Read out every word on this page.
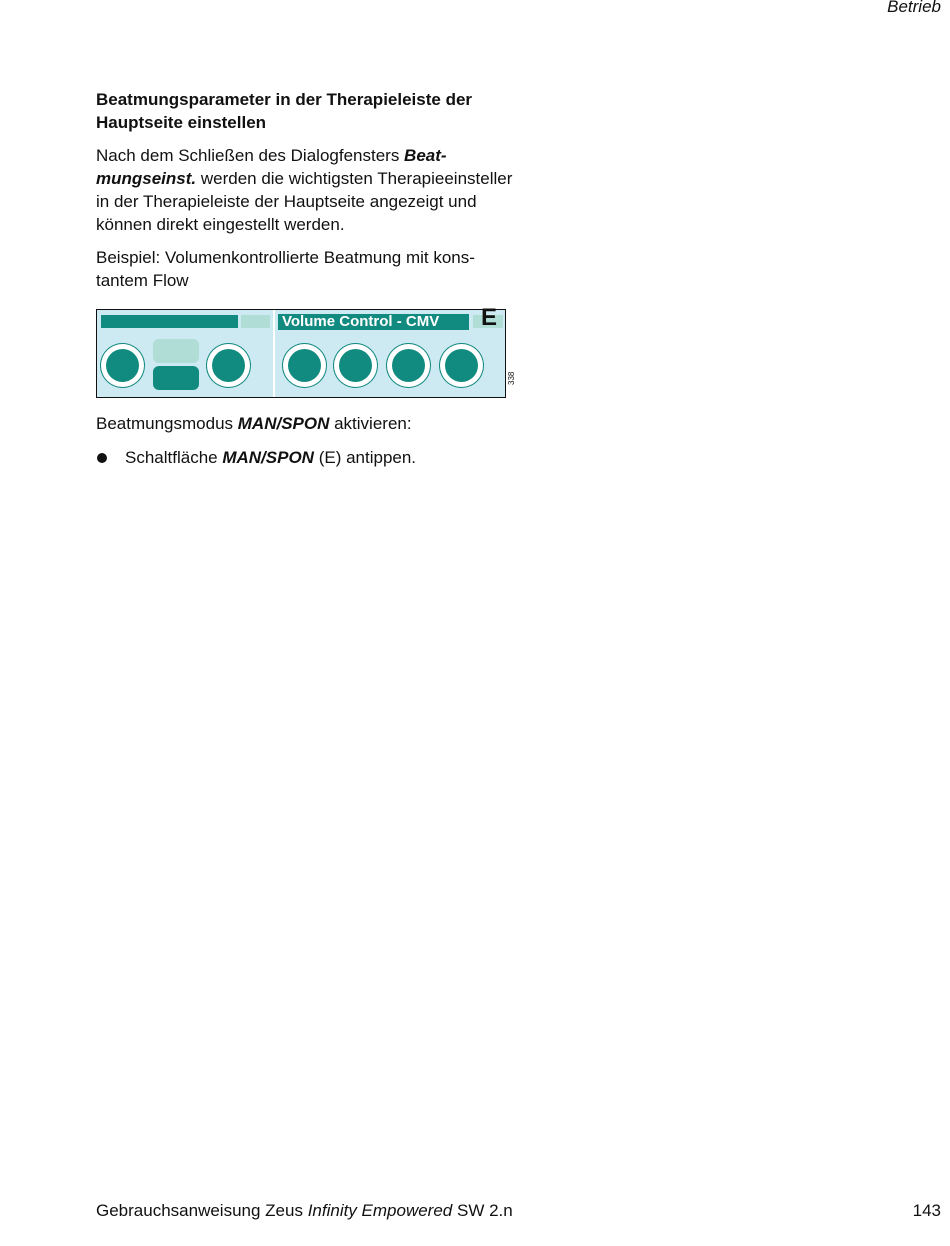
Betrieb

Beatmungsparameter in der Therapieleiste der Hauptseite einstellen

Nach dem Schließen des Dialogfensters Beatmungseinst. werden die wichtigsten Therapieeinsteller in der Therapieleiste der Hauptseite angezeigt und können direkt eingestellt werden.

Beispiel: Volumenkontrollierte Beatmung mit konstantem Flow

Volume Control - CMV	E
338
Beatmungsmodus MAN/SPON aktivieren:
Schaltfläche MAN/SPON (E) antippen.
Gebrauchsanweisung Zeus Infinity Empowered SW 2.n	143
